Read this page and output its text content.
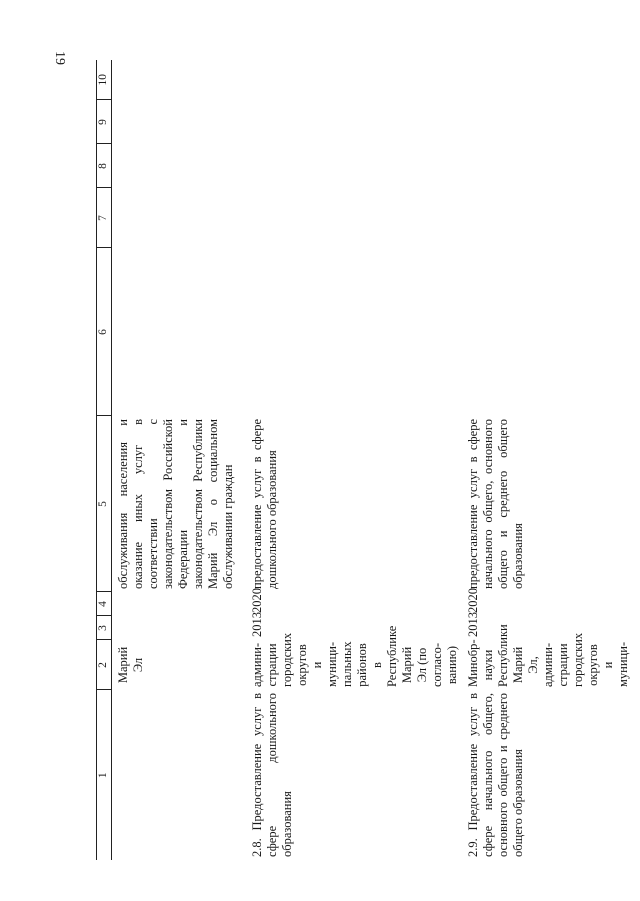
19
1	2	3	4	5	6	7	8	9	10
	Марий Эл			обслуживания населения и оказание иных услуг в соответствии с законодательством Российской Федерации и законодательством Республики Марий Эл о социальном обслуживании граждан					
2.8. Предоставление услуг в сфере дошкольного образования	админи- страции городских округов и муници- пальных районов в Республике Марий Эл (по согласо- ванию)	2013	2020	предоставление услуг в сфере дошкольного образования					
2.9. Предоставление услуг в сфере начального общего, основного общего и среднего общего образования	Минобр- науки Республики Марий Эл, админи- страции городских округов и муници-	2013	2020	предоставление услуг в сфере начального общего, основного общего и среднего общего образования					
